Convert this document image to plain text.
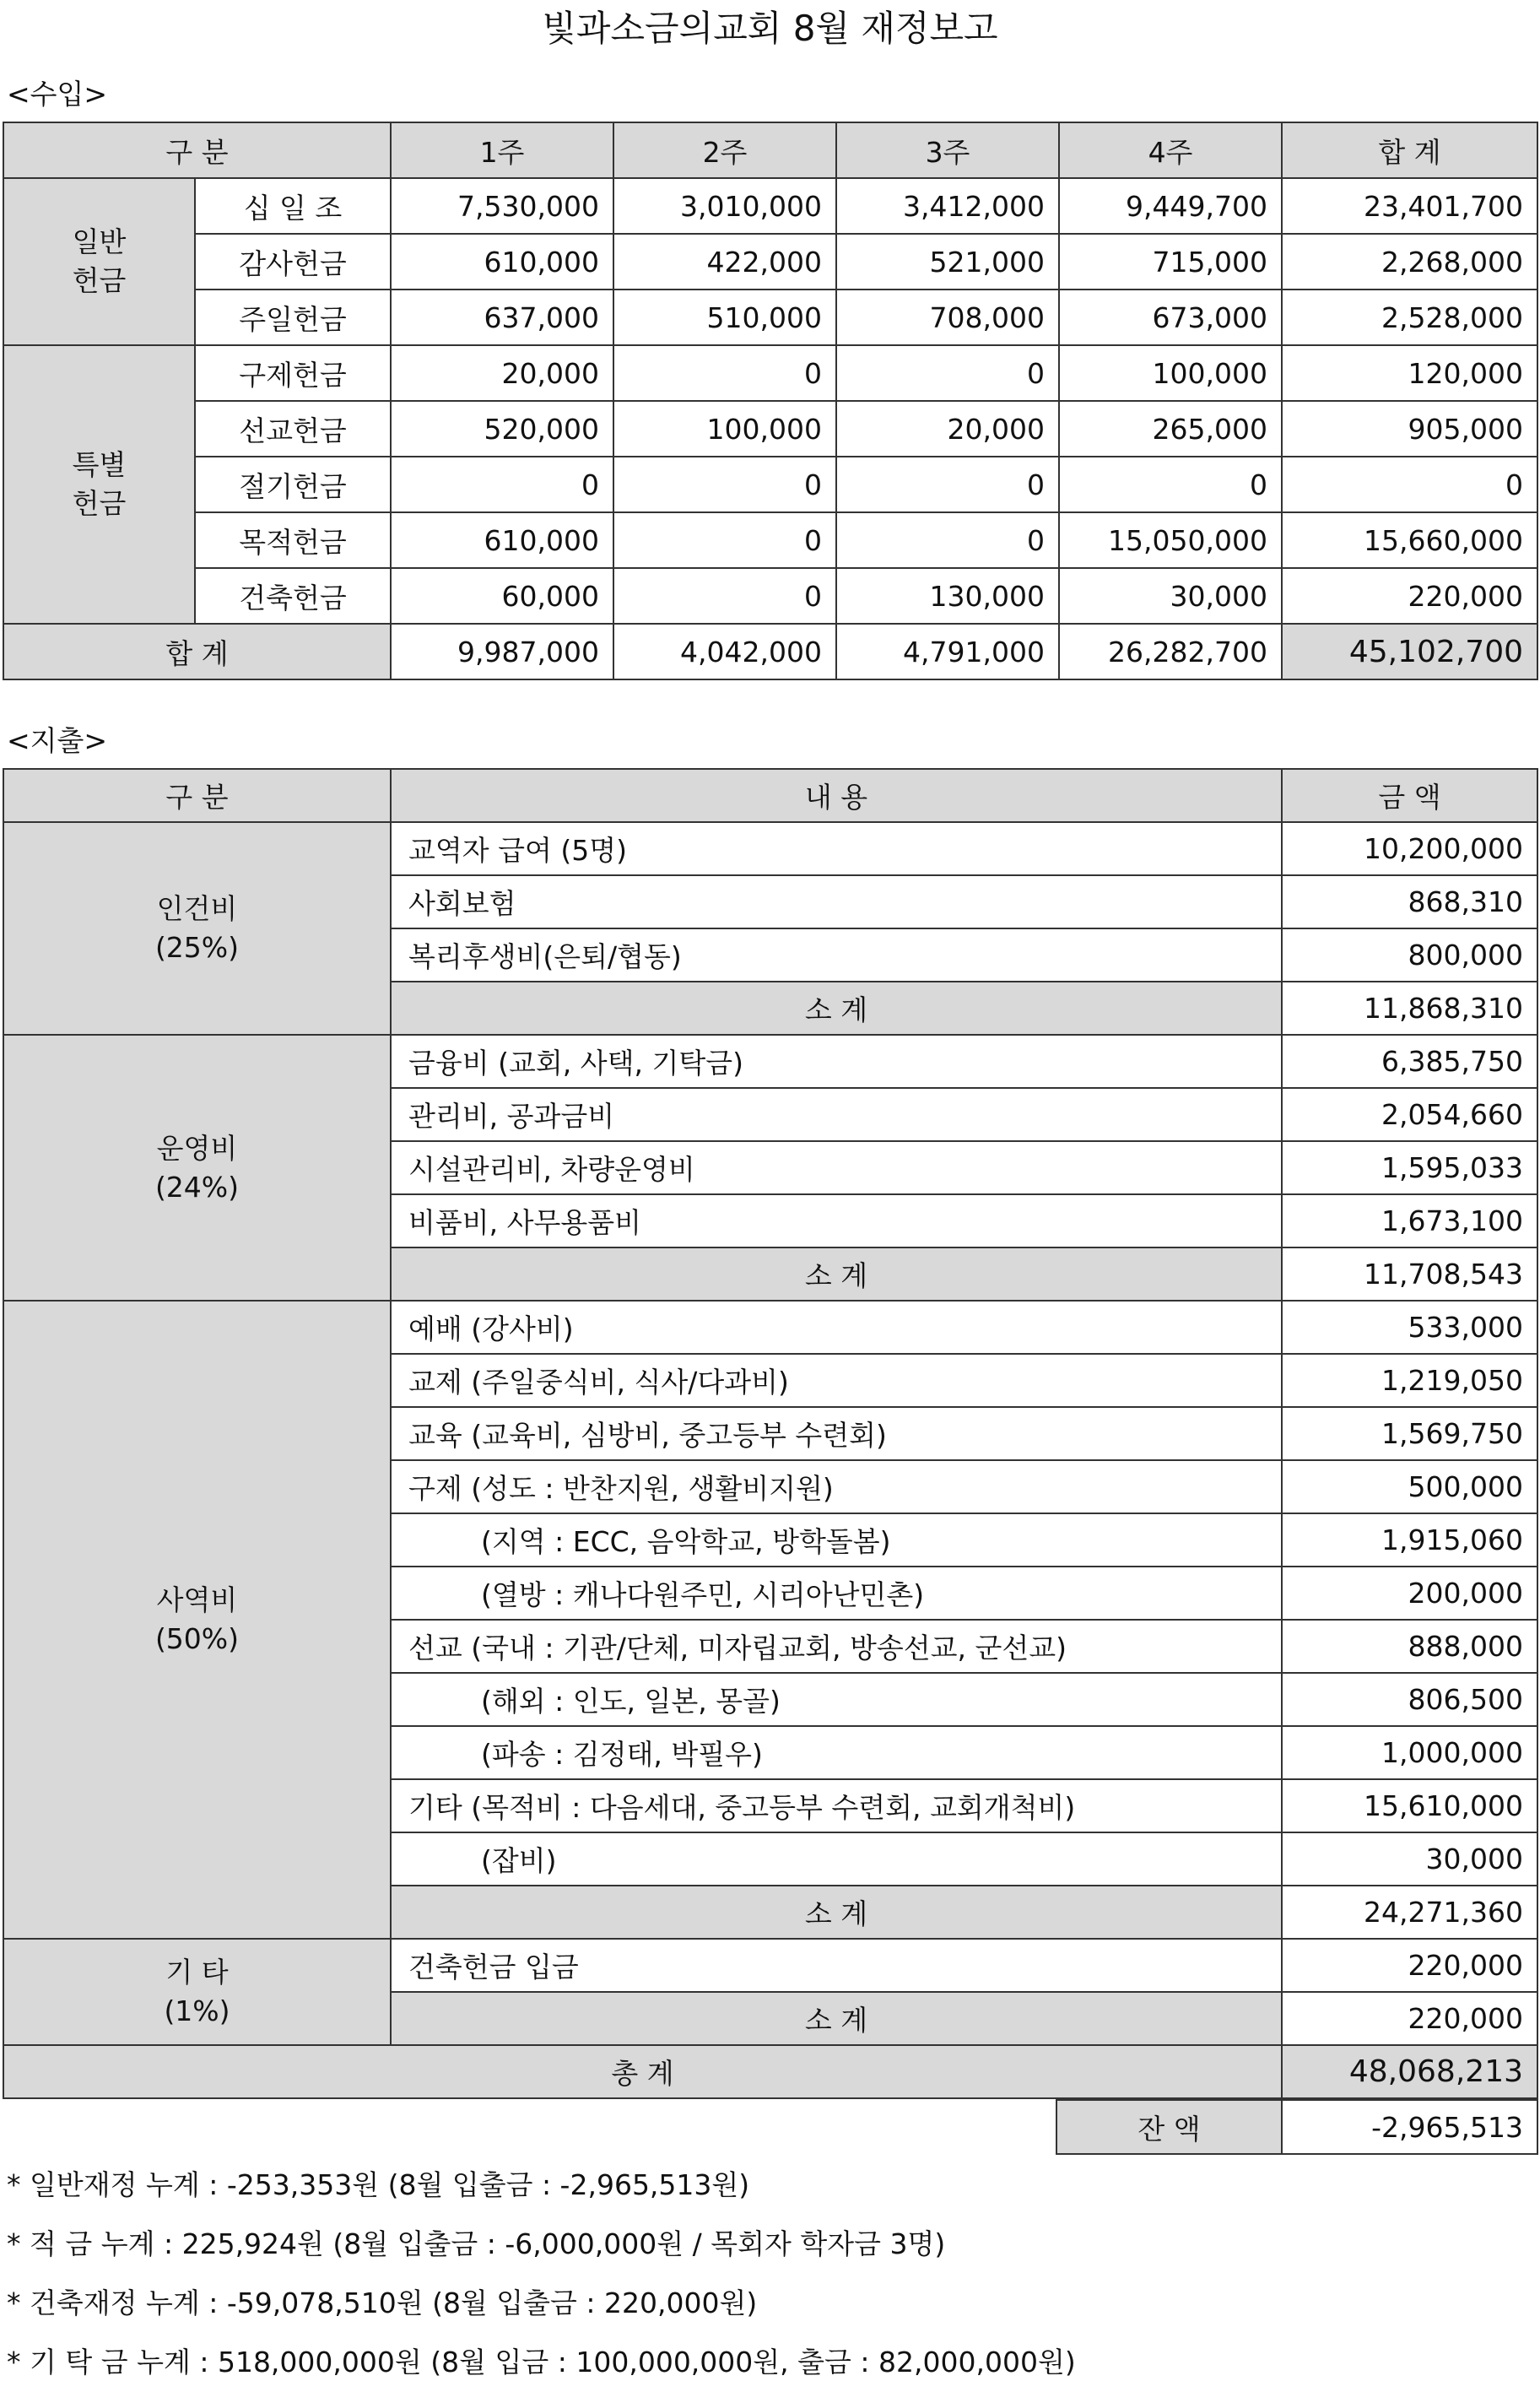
빛과소금의교회 8월 재정보고
<수입>
구 분		1주	2주	3주	4주	합 계
일반
헌금	십 일 조	7,530,000	3,010,000	3,412,000	9,449,700	23,401,700
	감사헌금	610,000	422,000	521,000	715,000	2,268,000
	주일헌금	637,000	510,000	708,000	673,000	2,528,000
특별
헌금	구제헌금	20,000	0	0	100,000	120,000
	선교헌금	520,000	100,000	20,000	265,000	905,000
	절기헌금	0	0	0	0	0
	목적헌금	610,000	0	0	15,050,000	15,660,000
	건축헌금	60,000	0	130,000	30,000	220,000
합 계		9,987,000	4,042,000	4,791,000	26,282,700	45,102,700
<지출>
구 분	내 용	금 액
인건비
(25%)	교역자 급여 (5명)	10,200,000
	사회보험	868,310
	복리후생비(은퇴/협동)	800,000
	소 계	11,868,310
운영비
(24%)	금융비 (교회, 사택, 기탁금)	6,385,750
	관리비, 공과금비	2,054,660
	시설관리비, 차량운영비	1,595,033
	비품비, 사무용품비	1,673,100
	소 계	11,708,543
사역비
(50%)	예배 (강사비)	533,000
	교제 (주일중식비, 식사/다과비)	1,219,050
	교육 (교육비, 심방비, 중고등부 수련회)	1,569,750
	구제 (성도 : 반찬지원, 생활비지원)	500,000
	(지역 : ECC, 음악학교, 방학돌봄)	1,915,060
	(열방 : 캐나다원주민, 시리아난민촌)	200,000
	선교 (국내 : 기관/단체, 미자립교회, 방송선교, 군선교)	888,000
	(해외 : 인도, 일본, 몽골)	806,500
	(파송 : 김정태, 박필우)	1,000,000
	기타 (목적비 : 다음세대, 중고등부 수련회, 교회개척비)	15,610,000
	(잡비)	30,000
	소 계	24,271,360
기 타
(1%)	건축헌금 입금	220,000
	소 계	220,000
총 계		48,068,213
잔 액	-2,965,513
* 일반재정 누계 : -253,353원 (8월 입출금 : -2,965,513원)
* 적 금 누계 : 225,924원 (8월 입출금 : -6,000,000원 / 목회자 학자금 3명)
* 건축재정 누계 : -59,078,510원 (8월 입출금 : 220,000원)
* 기 탁 금 누계 : 518,000,000원 (8월 입금 : 100,000,000원, 출금 : 82,000,000원)
